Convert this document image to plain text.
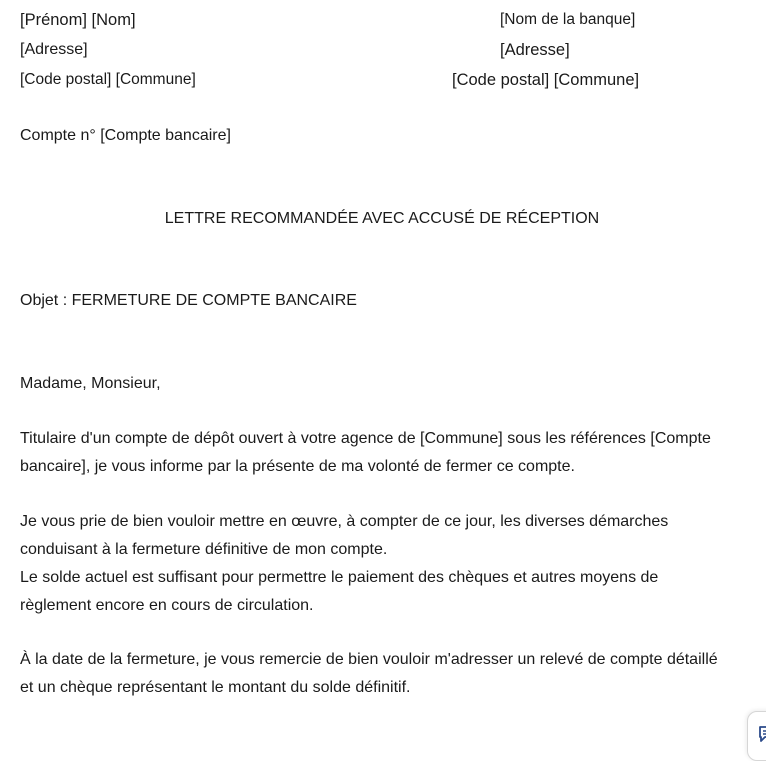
[Prénom] [Nom]
[Adresse]
[Code postal] [Commune]
[Nom de la banque]
[Adresse]
[Code postal] [Commune]
Compte n° [Compte bancaire]
LETTRE RECOMMANDÉE AVEC ACCUSÉ DE RÉCEPTION
Objet : FERMETURE DE COMPTE BANCAIRE
Madame, Monsieur,

Titulaire d'un compte de dépôt ouvert à votre agence de [Commune] sous les références [Compte
bancaire], je vous informe par la présente de ma volonté de fermer ce compte.

Je vous prie de bien vouloir mettre en œuvre, à compter de ce jour, les diverses démarches
conduisant à la fermeture définitive de mon compte.
Le solde actuel est suffisant pour permettre le paiement des chèques et autres moyens de
règlement encore en cours de circulation.

À la date de la fermeture, je vous remercie de bien vouloir m'adresser un relevé de compte détaillé
et un chèque représentant le montant du solde définitif.
